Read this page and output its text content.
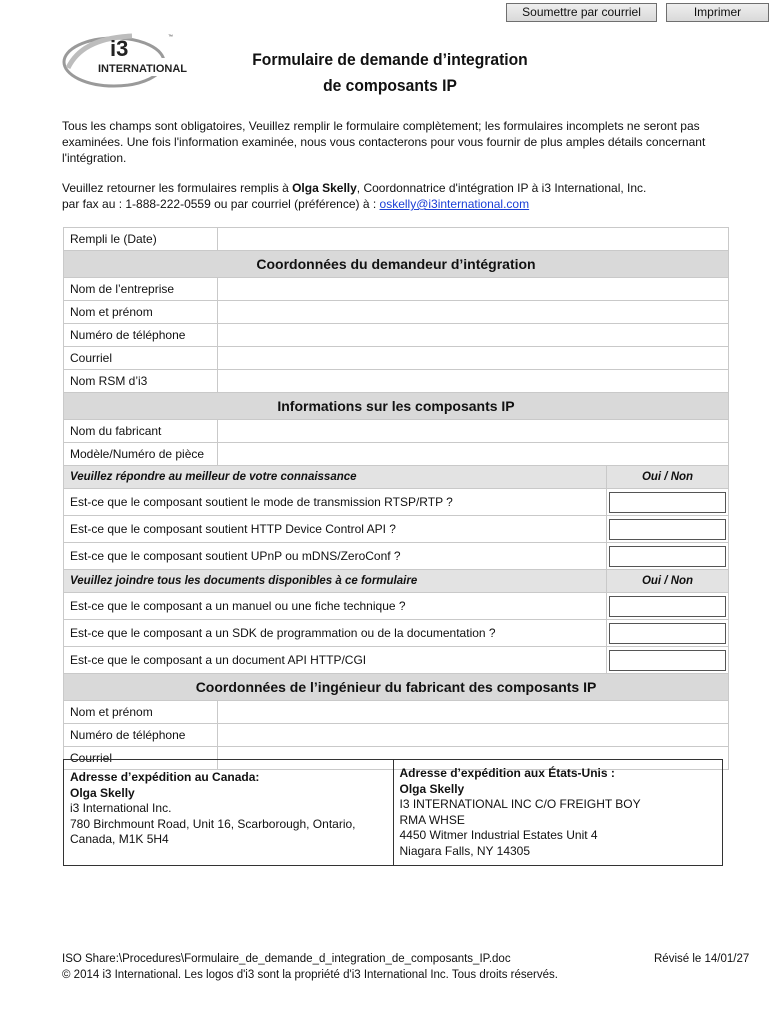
Soumettre par courriel	Imprimer
i3
INTERNATIONAL
™
Formulaire de demande d’integration
de composants IP
Tous les champs sont obligatoires, Veuillez remplir le formulaire complètement; les formulaires incomplets ne seront pas examinées. Une fois l'information examinée, nous vous contacterons pour vous fournir de plus amples détails concernant l'intégration.
Veuillez retourner les formulaires remplis à Olga Skelly, Coordonnatrice d'intégration IP à i3 International, Inc.
par fax au : 1-888-222-0559 ou par courriel (préférence) à : oskelly@i3international.com
Rempli le (Date)		
Coordonnées du demandeur d’intégration		
Nom de l’entreprise		
Nom et prénom		
Numéro de téléphone		
Courriel		
Nom RSM d’i3		
Informations sur les composants IP		
Nom du fabricant		
Modèle/Numéro de pièce		
Veuillez répondre au meilleur de votre connaissance		Oui / Non
Est-ce que le composant soutient le mode de transmission RTSP/RTP ?		

Est-ce que le composant soutient HTTP Device Control API ?		

Est-ce que le composant soutient UPnP ou mDNS/ZeroConf ?		

Veuillez joindre tous les documents disponibles à ce formulaire		Oui / Non
Est-ce que le composant a un manuel ou une fiche technique ?		

Est-ce que le composant a un SDK de programmation ou de la documentation ?		

Est-ce que le composant a un document API HTTP/CGI		

Coordonnées de l’ingénieur du fabricant des composants IP		
Nom et prénom		
Numéro de téléphone		
Courriel		
Adresse d’expédition au Canada:
Olga Skelly
i3 International Inc.
780 Birchmount Road, Unit 16, Scarborough, Ontario,
Canada, M1K 5H4

Adresse d’expédition aux États-Unis :
Olga Skelly
I3 INTERNATIONAL INC C/O FREIGHT BOY
RMA WHSE
4450 Witmer Industrial Estates Unit 4
Niagara Falls, NY 14305
ISO Share:\Procedures\Formulaire_de_demande_d_integration_de_composants_IP.doc
© 2014 i3 International. Les logos d'i3 sont la propriété d'i3 International Inc. Tous droits réservés.
Révisé le 14/01/27
